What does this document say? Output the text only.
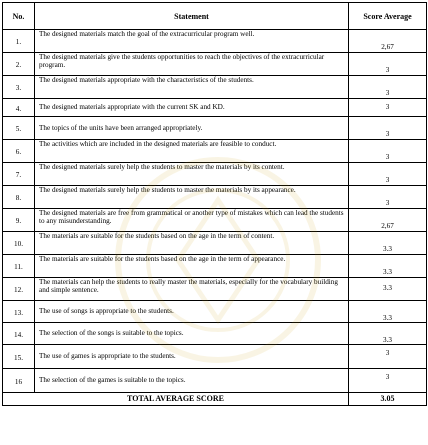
No.	Statement	Score Average
1.	The designed materials match the goal of the extracurricular program well.	2,67
2.	The designed materials give the students opportunities to reach the objectives of the extracurricular program.	3
3.	The designed materials appropriate with the characteristics of the students.	3
4.	The designed materials appropriate with the current SK and KD.	3
5.	The topics of the units have been arranged appropriately.	3
6.	The activities which are included in the designed materials are feasible to conduct.	3
7.	The designed materials surely help the students to master the materials by its content.	3
8.	The designed materials surely help the students to master the materials by its appearance.	3
9.	The designed materials are free from grammatical or another type of mistakes which can lead the students to any misunderstanding.	2,67
10.	The materials are suitable for the students based on the age in the term of content.	3.3
11.	The materials are suitable for the students based on the age in the term of appearance.	3.3
12.	The materials can help the students to really master the materials, especially for the vocabulary building and simple sentence.	3.3
13.	The use of songs is appropriate to the students.	3.3
14.	The selection of the songs is suitable to the topics.	3.3
15.	The use of games is appropriate to the students.	3
16	The selection of the games is suitable to the topics.	3
TOTAL AVERAGE SCORE		3.05
